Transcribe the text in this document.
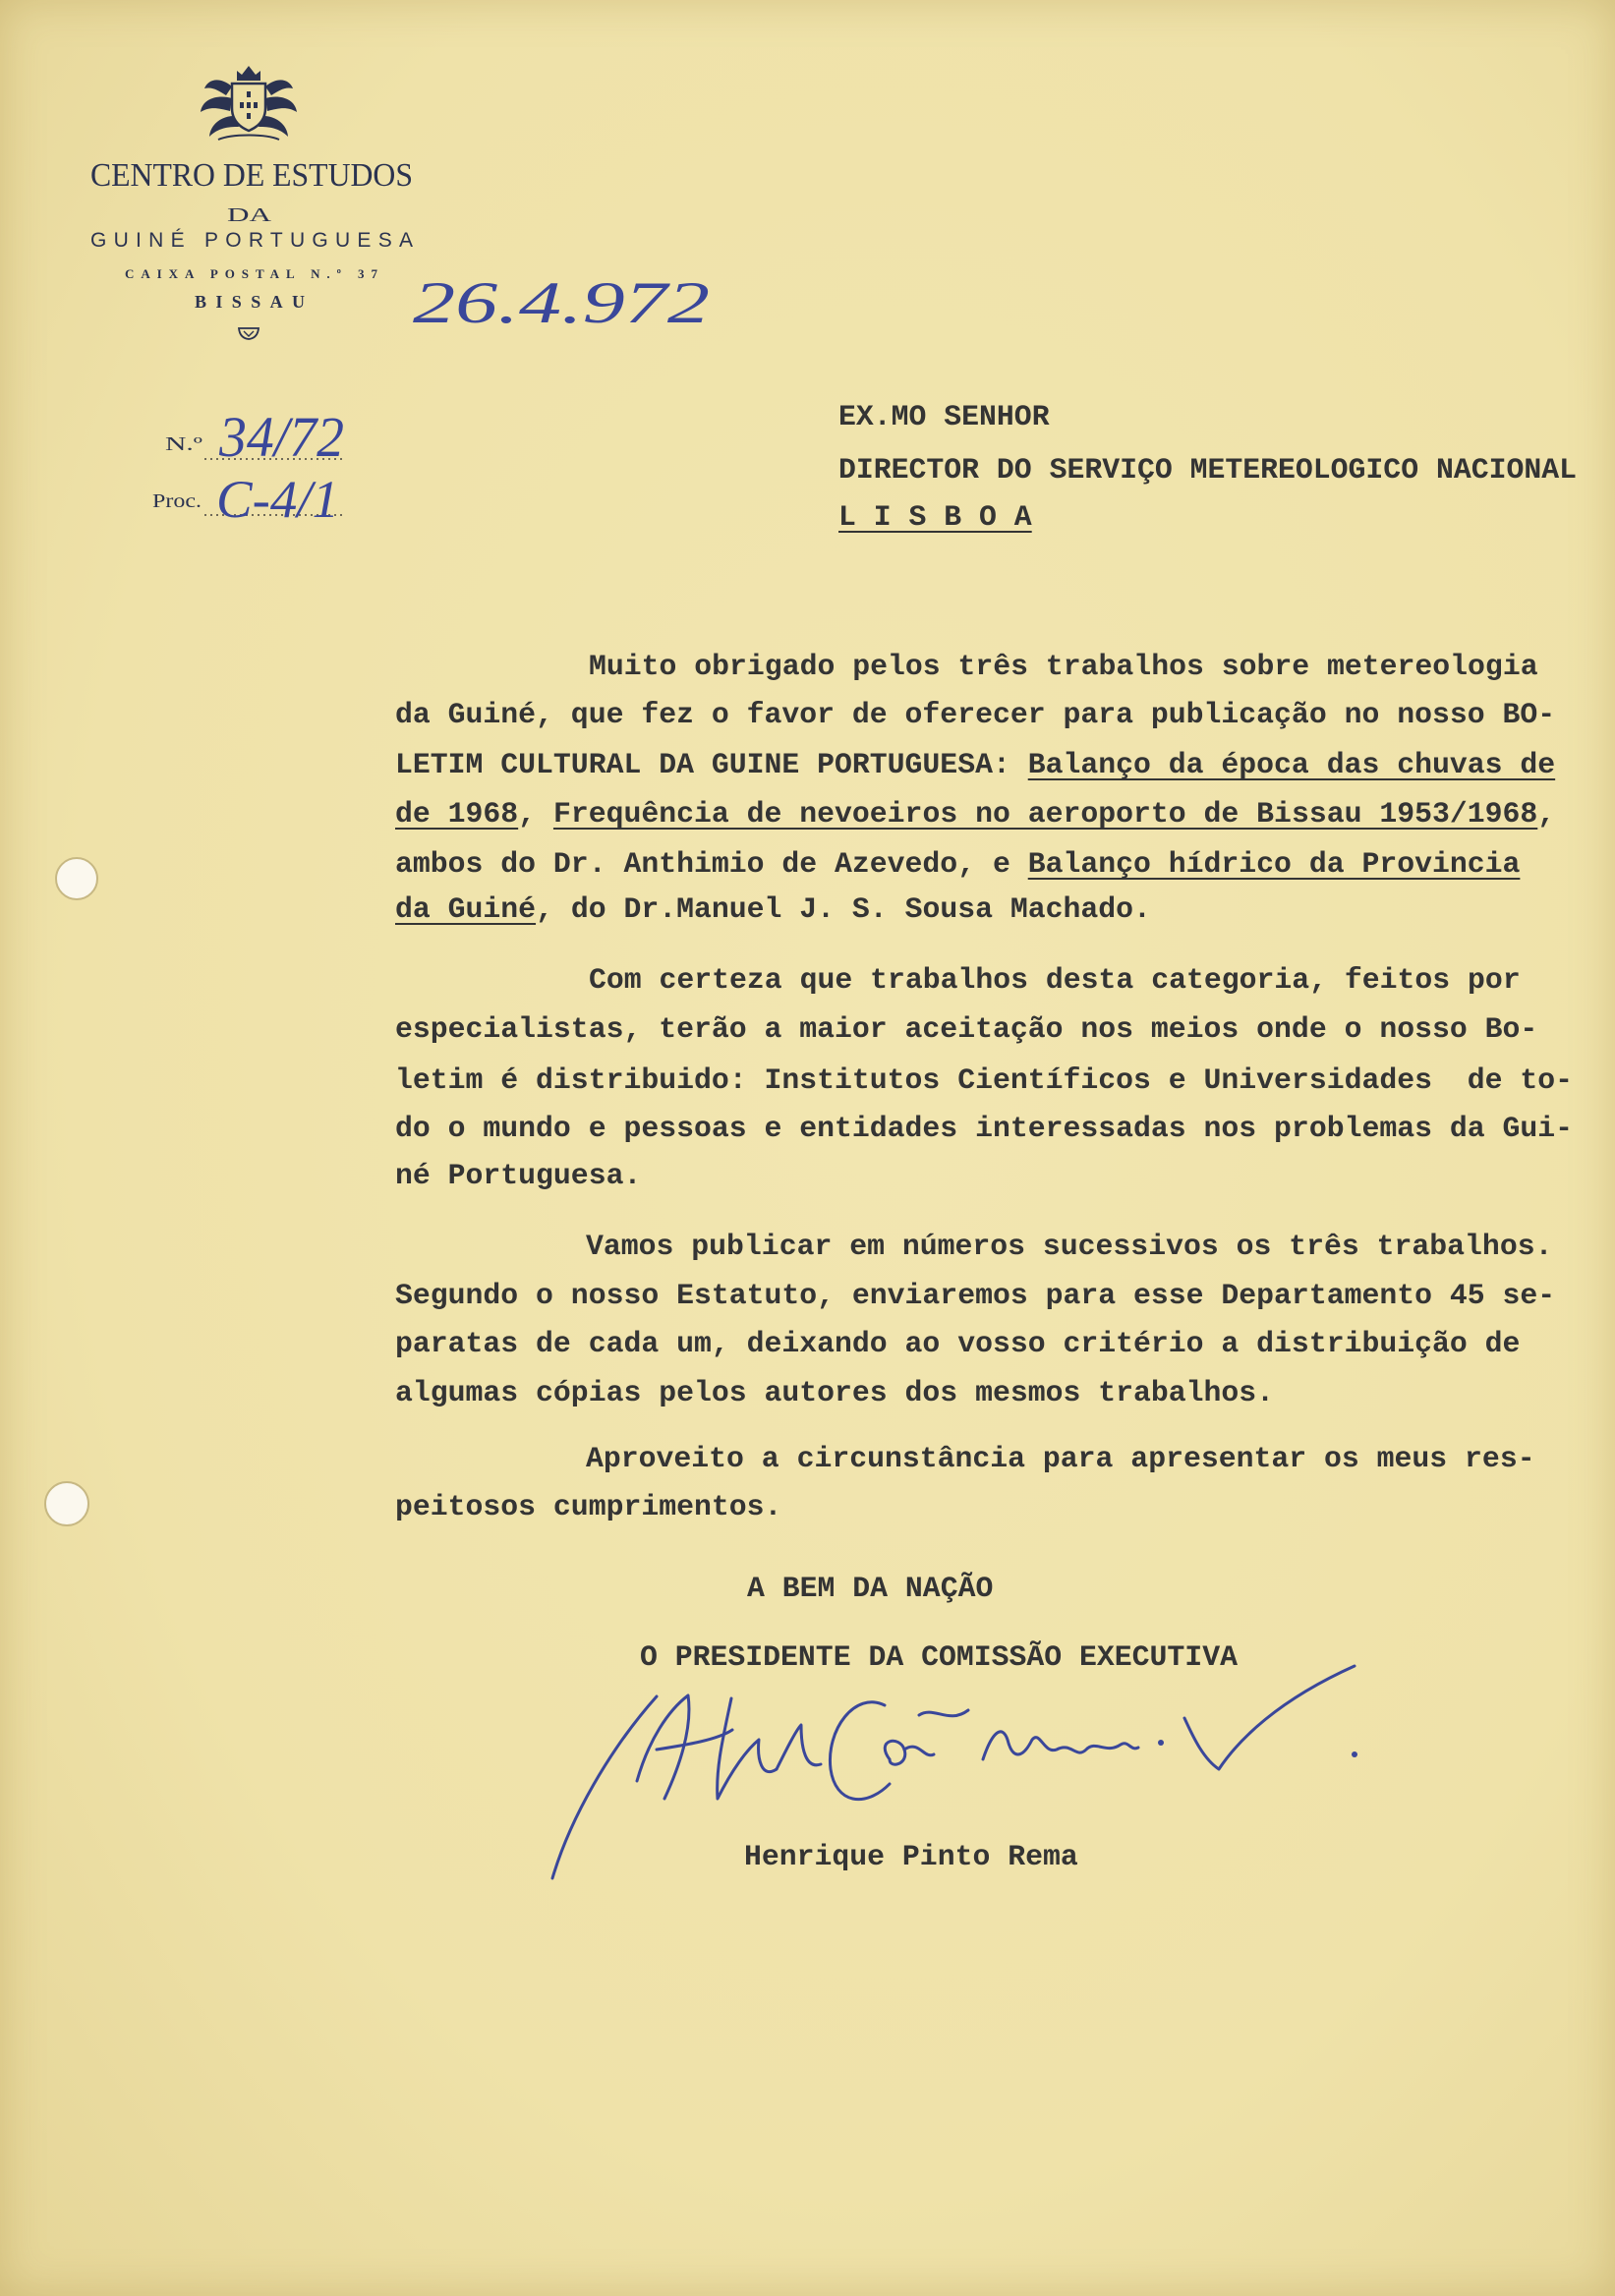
CENTRO DE ESTUDOS
DA
GUINÉ PORTUGUESA
CAIXA POSTAL N.º 37
BISSAU 26.4.972
N.º 34/72
Proc. C-4/1
EX.MO SENHOR
DIRECTOR DO SERVIÇO METEREOLOGICO NACIONAL
L I S B O A
Muito obrigado pelos três trabalhos sobre metereologia
da Guiné, que fez o favor de oferecer para publicação no nosso BO-
LETIM CULTURAL DA GUINE PORTUGUESA: Balanço da época das chuvas de
de 1968, Frequência de nevoeiros no aeroporto de Bissau 1953/1968,
ambos do Dr. Anthimio de Azevedo, e Balanço hídrico da Provincia
da Guiné, do Dr.Manuel J. S. Sousa Machado.
Com certeza que trabalhos desta categoria, feitos por
especialistas, terão a maior aceitação nos meios onde o nosso Bo-
letim é distribuido: Institutos Científicos e Universidades  de to-
do o mundo e pessoas e entidades interessadas nos problemas da Gui-
né Portuguesa.
Vamos publicar em números sucessivos os três trabalhos.
Segundo o nosso Estatuto, enviaremos para esse Departamento 45 se-
paratas de cada um, deixando ao vosso critério a distribuição de
algumas cópias pelos autores dos mesmos trabalhos.
Aproveito a circunstância para apresentar os meus res-
peitosos cumprimentos.
A BEM DA NAÇÃO
O PRESIDENTE DA COMISSÃO EXECUTIVA
Henrique Pinto Rema
